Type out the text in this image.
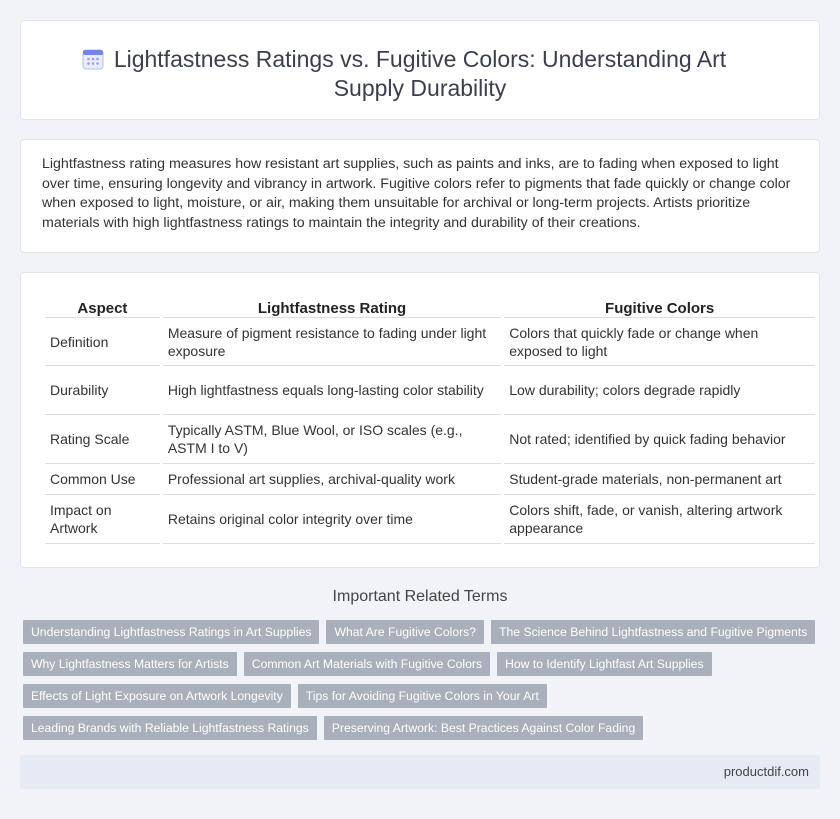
Lightfastness Ratings vs. Fugitive Colors: Understanding Art Supply Durability

Lightfastness rating measures how resistant art supplies, such as paints and inks, are to fading when exposed to light over time, ensuring longevity and vibrancy in artwork. Fugitive colors refer to pigments that fade quickly or change color when exposed to light, moisture, or air, making them unsuitable for archival or long-term projects. Artists prioritize materials with high lightfastness ratings to maintain the integrity and durability of their creations.

Aspect	Lightfastness Rating	Fugitive Colors
Definition	Measure of pigment resistance to fading under light exposure	Colors that quickly fade or change when exposed to light
Durability	High lightfastness equals long-lasting color stability	Low durability; colors degrade rapidly
Rating Scale	Typically ASTM, Blue Wool, or ISO scales (e.g., ASTM I to V)	Not rated; identified by quick fading behavior
Common Use	Professional art supplies, archival-quality work	Student-grade materials, non-permanent art
Impact on Artwork	Retains original color integrity over time	Colors shift, fade, or vanish, altering artwork appearance
Important Related Terms
Understanding Lightfastness Ratings in Art Supplies	What Are Fugitive Colors?	The Science Behind Lightfastness and Fugitive Pigments
Why Lightfastness Matters for Artists	Common Art Materials with Fugitive Colors	How to Identify Lightfast Art Supplies
Effects of Light Exposure on Artwork Longevity	Tips for Avoiding Fugitive Colors in Your Art
Leading Brands with Reliable Lightfastness Ratings	Preserving Artwork: Best Practices Against Color Fading
productdif.com
